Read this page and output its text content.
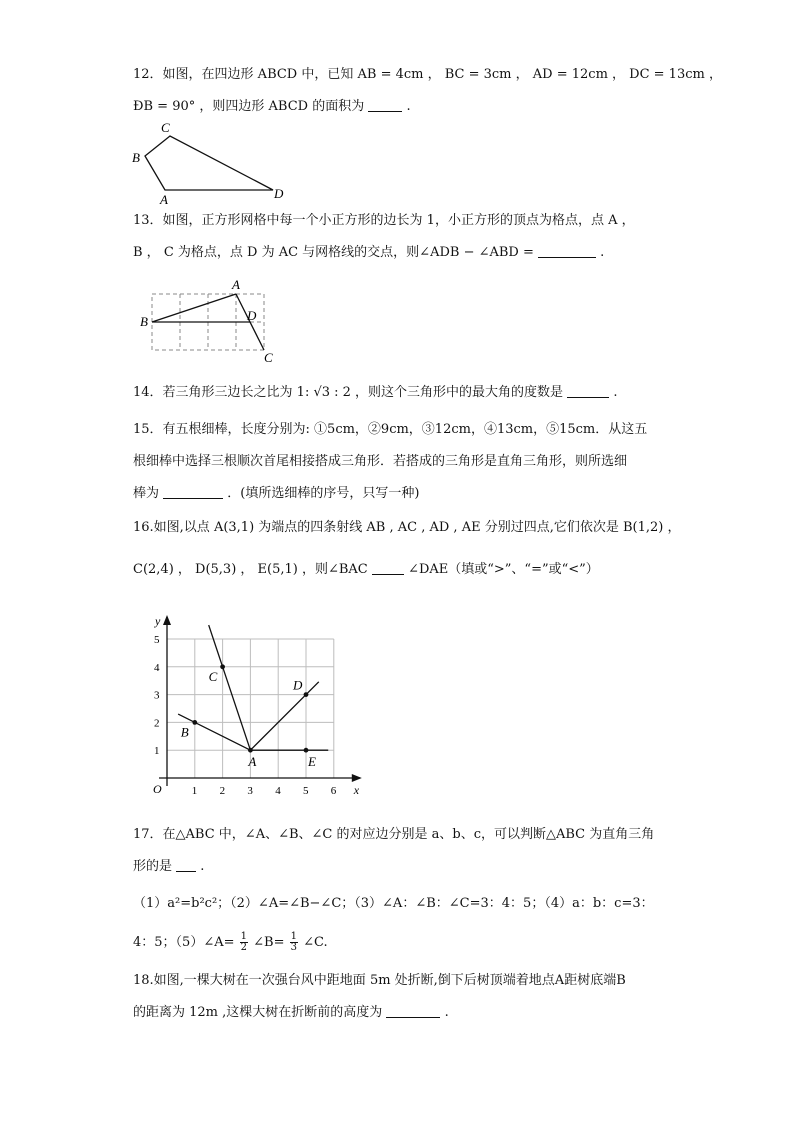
12．如图，在四边形 ABCD 中，已知 AB = 4cm ， BC = 3cm ， AD = 12cm ， DC = 13cm ，
ÐB = 90° ，则四边形 ABCD 的面积为	.
C
B
A	D
13．如图，正方形网格中每一个小正方形的边长为 1，小正方形的顶点为格点，点 A ，
B ， C 为格点，点 D 为 AC 与网格线的交点，则∠ADB − ∠ABD =	.
A
B	D
C
14．若三角形三边长之比为 1: √3 : 2 ，则这个三角形中的最大角的度数是	.
15．有五根细棒，长度分别为: ①5cm，②9cm，③12cm，④13cm，⑤15cm．从这五
根细棒中选择三根顺次首尾相接搭成三角形．若搭成的三角形是直角三角形，则所选细
棒为	．(填所选细棒的序号，只写一种)
16.如图,以点 A(3,1) 为端点的四条射线 AB , AC , AD , AE 分别过四点,它们依次是 B(1,2) ，
C(2,4) ， D(5,3) ， E(5,1) ，则∠BAC	∠DAE（填或“>”、“=”或“<”）
x
y
O	1 2 3 4 5 6
1
2
3
4
5
A
B
C
D
E
17．在△ABC 中，∠A、∠B、∠C 的对应边分别是 a、b、c，可以判断△ABC 为直角三角
形的是 .
（1）a²=b²c²；（2）∠A=∠B−∠C；（3）∠A：∠B：∠C=3：4：5；（4）a：b：c=3：
4：5；（5）∠A= $\frac{1}{2}$ ∠B= $\frac{1}{3}$ ∠C.
18.如图,一棵大树在一次强台风中距地面 5m 处折断,倒下后树顶端着地点A距树底端B
的距离为 12m ,这棵大树在折断前的高度为	.
